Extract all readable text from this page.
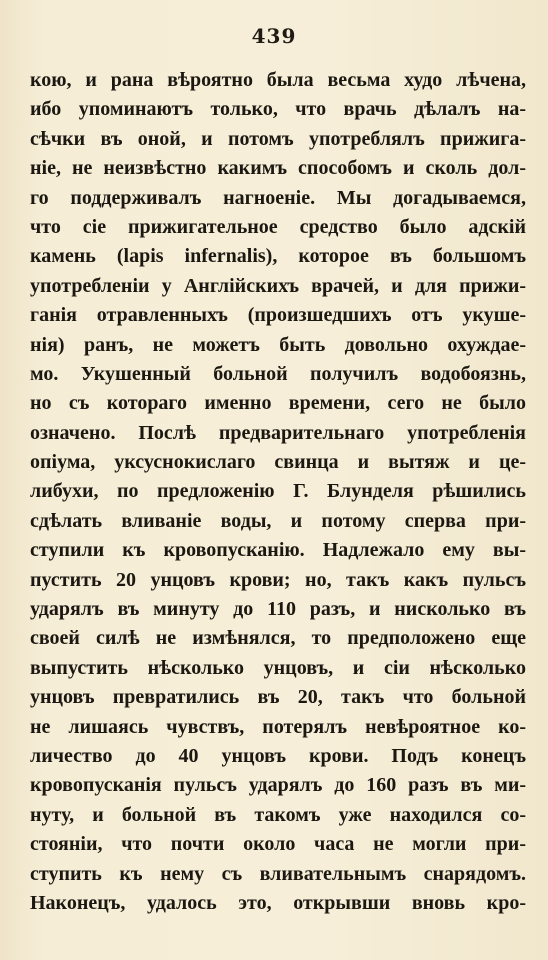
439
кою, и рана вѣроятно была весьма худо лѣчена,
ибо упоминаютъ только, что врачь дѣлалъ на-
сѣчки въ оной, и потомъ употреблялъ прижига-
ніе, не неизвѣстно какимъ способомъ и сколь дол-
го поддерживалъ нагноеніе. Мы догадываемся,
что сіе прижигательное средство было адскій
камень (lapis infernalis), которое въ большомъ
употребленіи у Англійскихъ врачей, и для прижи-
ганія отравленныхъ (произшедшихъ отъ укуше-
нія) ранъ, не можетъ быть довольно охуждае-
мо. Укушенный больной получилъ водобоязнь,
но съ котораго именно времени, сего не было
означено. Послѣ предварительнаго употребленія
опіума, уксуснокислаго свинца и вытяж и це-
либухи, по предложенію Г. Блунделя рѣшились
сдѣлать вливаніе воды, и потому сперва при-
ступили къ кровопусканію. Надлежало ему вы-
пустить 20 унцовъ крови; но, такъ какъ пульсъ
ударялъ въ минуту до 110 разъ, и нисколько въ
своей силѣ не измѣнялся, то предположено еще
выпустить нѣсколько унцовъ, и сіи нѣсколько
унцовъ превратились въ 20, такъ что больной
не лишаясь чувствъ, потерялъ невѣроятное ко-
личество до 40 унцовъ крови. Подъ конецъ
кровопусканія пульсъ ударялъ до 160 разъ въ ми-
нуту, и больной въ такомъ уже находился со-
стояніи, что почти около часа не могли при-
ступить къ нему съ вливательнымъ снарядомъ.
Наконецъ, удалось это, открывши вновь кро-
